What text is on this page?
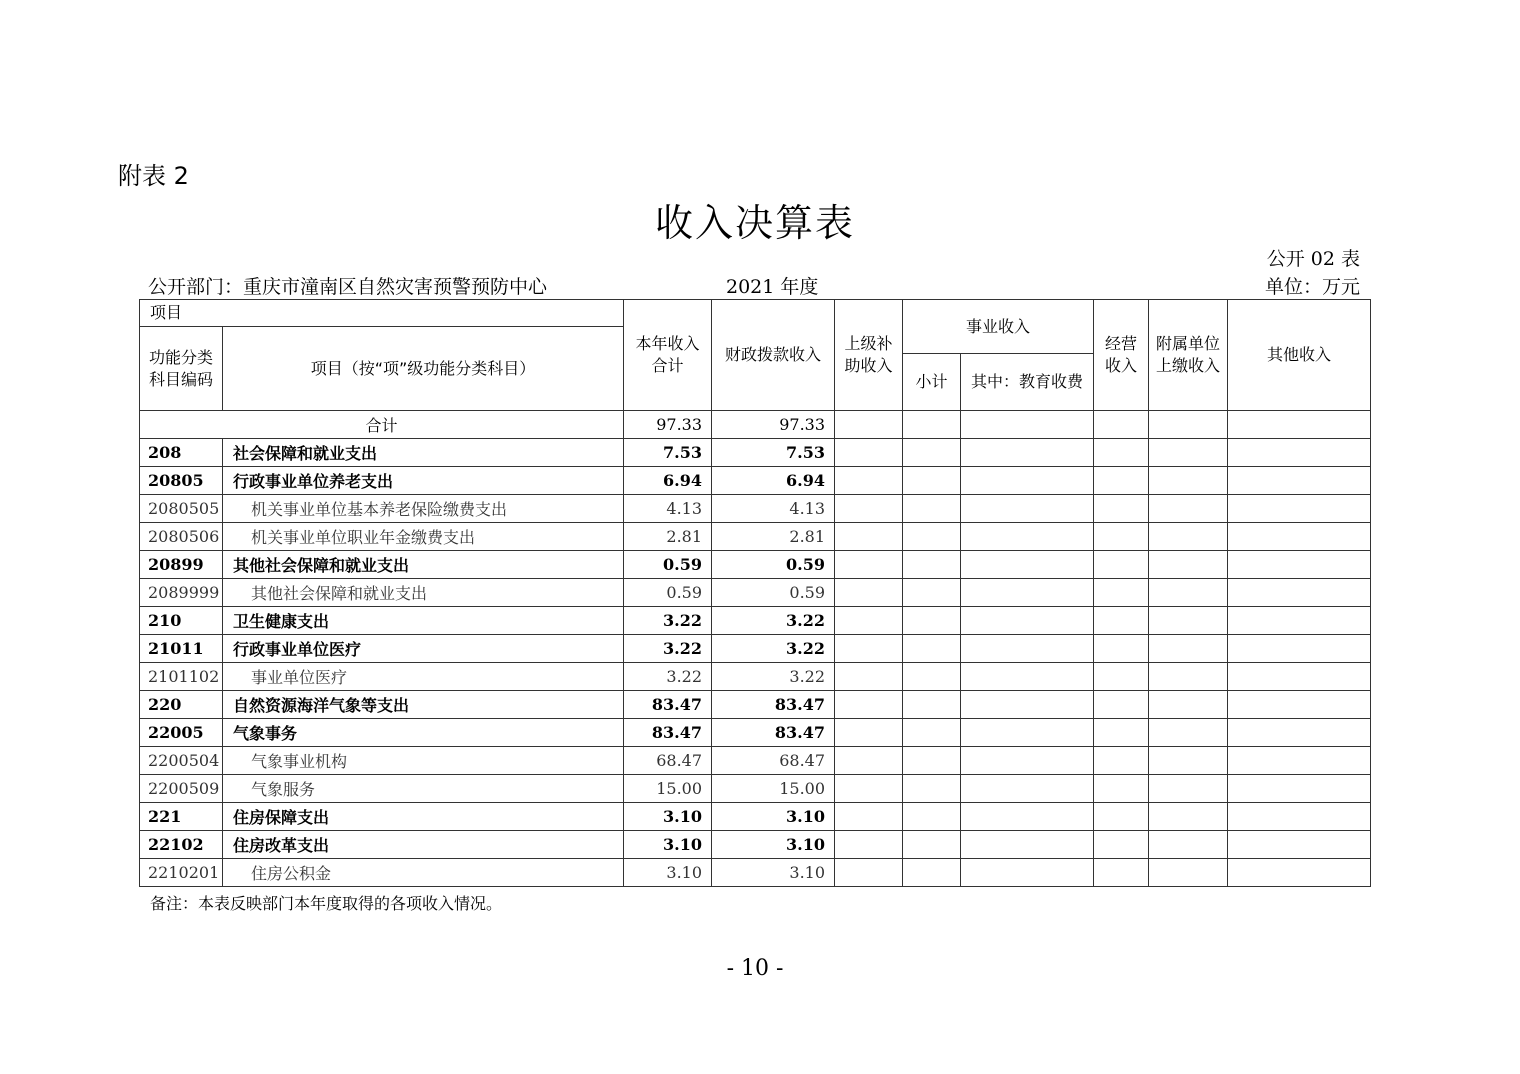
附表 2
收入决算表
公开 02 表
公开部门：重庆市潼南区自然灾害预警预防中心	2021 年度	单位：万元
项目		本年收入合计	财政拨款收入	上级补助收入	事业收入		经营收入	附属单位上缴收入	其他收入
功能分类科目编码	项目（按“项”级功能分类科目）								
					小计	其中：教育收费			
合计		97.33	97.33						
208	社会保障和就业支出	7.53	7.53						
20805	行政事业单位养老支出	6.94	6.94						
2080505	机关事业单位基本养老保险缴费支出	4.13	4.13						
2080506	机关事业单位职业年金缴费支出	2.81	2.81						
20899	其他社会保障和就业支出	0.59	0.59						
2089999	其他社会保障和就业支出	0.59	0.59						
210	卫生健康支出	3.22	3.22						
21011	行政事业单位医疗	3.22	3.22						
2101102	事业单位医疗	3.22	3.22						
220	自然资源海洋气象等支出	83.47	83.47						
22005	气象事务	83.47	83.47						
2200504	气象事业机构	68.47	68.47						
2200509	气象服务	15.00	15.00						
221	住房保障支出	3.10	3.10						
22102	住房改革支出	3.10	3.10						
2210201	住房公积金	3.10	3.10						
备注：本表反映部门本年度取得的各项收入情况。
- 10 -
